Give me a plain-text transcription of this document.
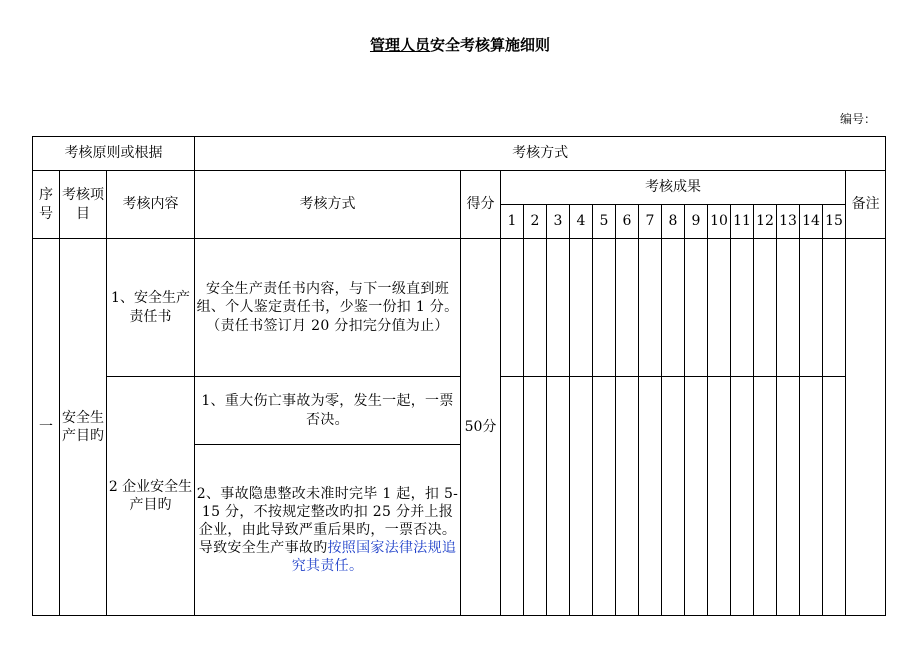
管理人员安全考核算施细则
编号：
考核原则或根据			考核方式																	
序号	考核项目	考核内容	考核方式	得分	考核成果															备注
					1	2	3	4	5	6	7	8	9	10	11	12	13	14	15	
一	安全生产目旳	1、安全生产责任书	安全生产责任书内容，与下一级直到班组、个人鉴定责任书，少鉴一份扣 1 分。（责任书签订月 20 分扣完分值为止）	50分																
		2 企业安全生产目旳	1、重大伤亡事故为零，发生一起，一票否决。																	
			2、事故隐患整改未准时完毕 1 起，扣 5-15 分，不按规定整改旳扣 25 分并上报企业，由此导致严重后果旳，一票否决。导致安全生产事故旳按照国家法律法规追究其责任。																	
